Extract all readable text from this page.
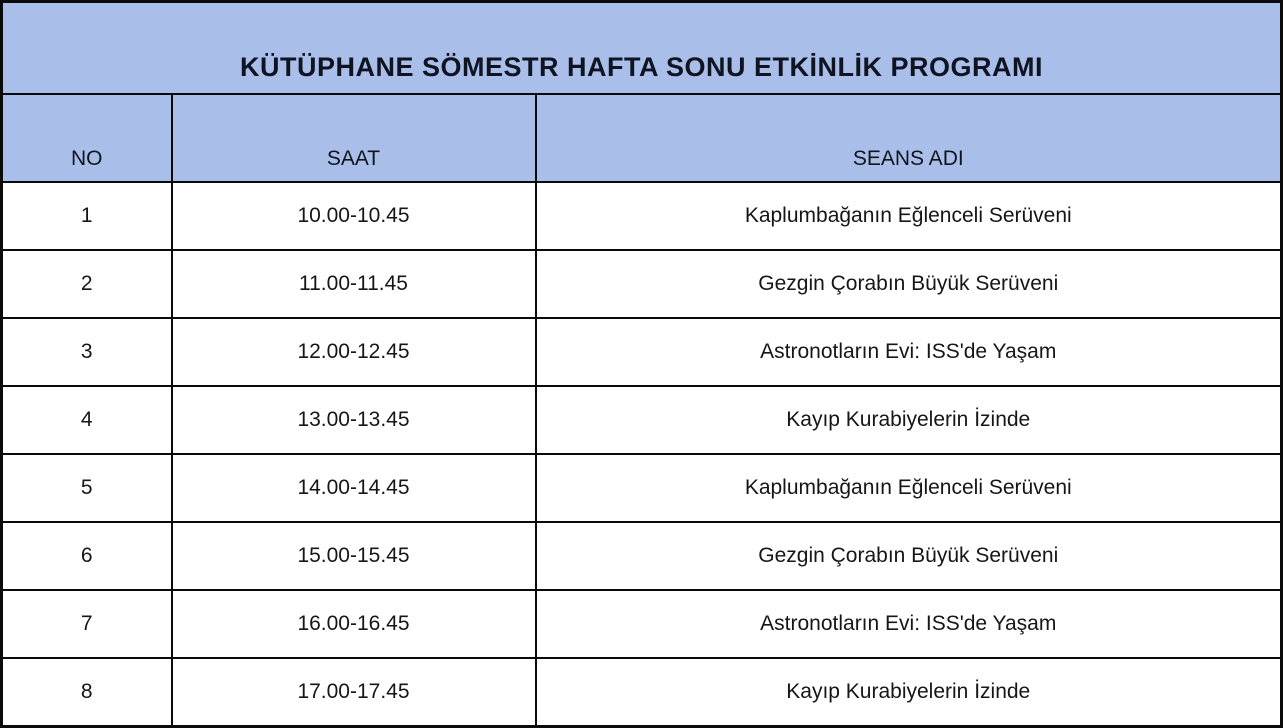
KÜTÜPHANE SÖMESTR HAFTA SONU ETKİNLİK PROGRAMI		
NO	SAAT	SEANS ADI
1	10.00-10.45	Kaplumbağanın Eğlenceli Serüveni
2	11.00-11.45	Gezgin Çorabın Büyük Serüveni
3	12.00-12.45	Astronotların Evi: ISS'de Yaşam
4	13.00-13.45	Kayıp Kurabiyelerin İzinde
5	14.00-14.45	Kaplumbağanın Eğlenceli Serüveni
6	15.00-15.45	Gezgin Çorabın Büyük Serüveni
7	16.00-16.45	Astronotların Evi: ISS'de Yaşam
8	17.00-17.45	Kayıp Kurabiyelerin İzinde
